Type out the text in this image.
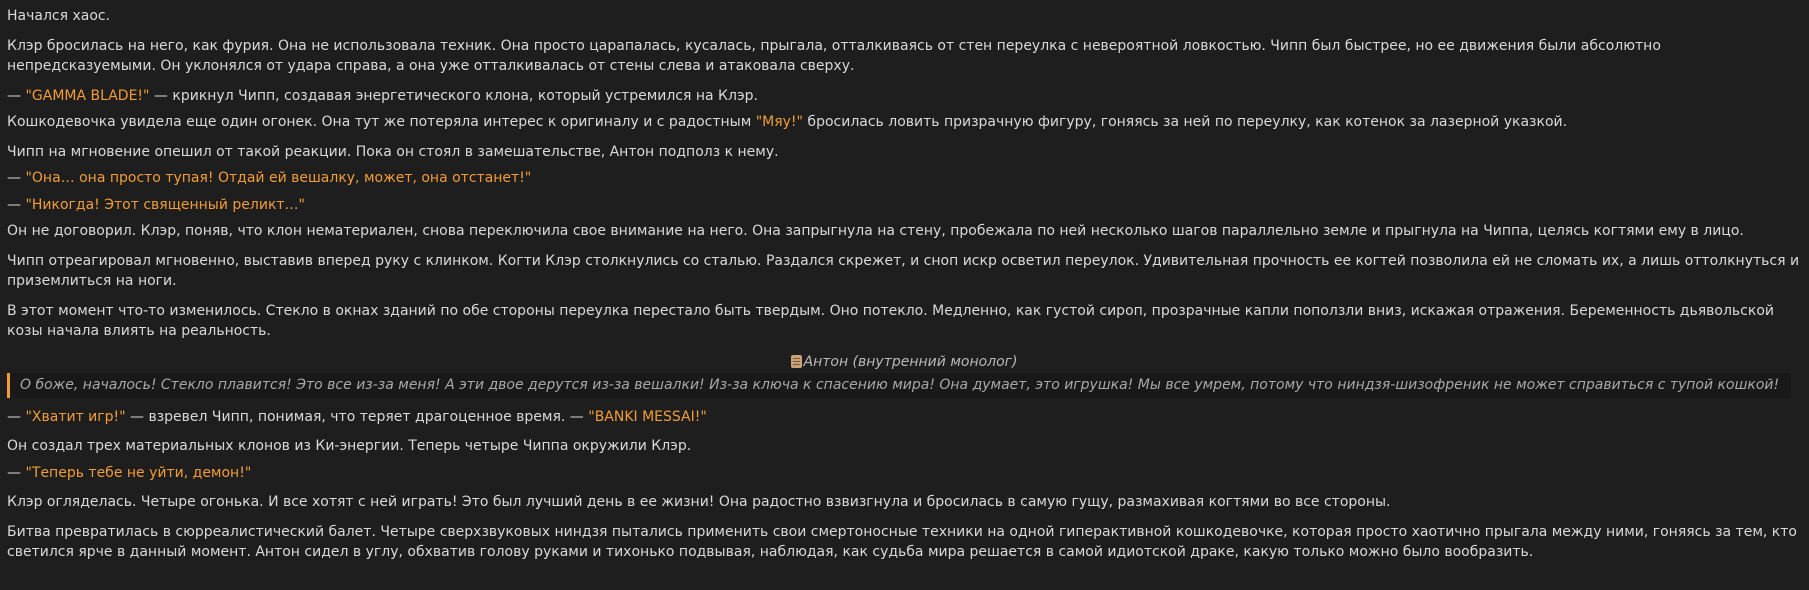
Начался хаос.

Клэр бросилась на него, как фурия. Она не использовала техник. Она просто царапалась, кусалась, прыгала, отталкиваясь от стен переулка с невероятной ловкостью. Чипп был быстрее, но ее движения были абсолютно непредсказуемыми. Он уклонялся от удара справа, а она уже отталкивалась от стены слева и атаковала сверху.

— "GAMMA BLADE!" — крикнул Чипп, создавая энергетического клона, который устремился на Клэр.

Кошкодевочка увидела еще один огонек. Она тут же потеряла интерес к оригиналу и с радостным "Мяу!" бросилась ловить призрачную фигуру, гоняясь за ней по переулку, как котенок за лазерной указкой.

Чипп на мгновение опешил от такой реакции. Пока он стоял в замешательстве, Антон подполз к нему.

— "Она… она просто тупая! Отдай ей вешалку, может, она отстанет!"

— "Никогда! Этот священный реликт…"

Он не договорил. Клэр, поняв, что клон нематериален, снова переключила свое внимание на него. Она запрыгнула на стену, пробежала по ней несколько шагов параллельно земле и прыгнула на Чиппа, целясь когтями ему в лицо.

Чипп отреагировал мгновенно, выставив вперед руку с клинком. Когти Клэр столкнулись со сталью. Раздался скрежет, и сноп искр осветил переулок. Удивительная прочность ее когтей позволила ей не сломать их, а лишь оттолкнуться и приземлиться на ноги.

В этот момент что-то изменилось. Стекло в окнах зданий по обе стороны переулка перестало быть твердым. Оно потекло. Медленно, как густой сироп, прозрачные капли поползли вниз, искажая отражения. Беременность дьявольской козы начала влиять на реальность.

Антон (внутренний монолог)
О боже, началось! Стекло плавится! Это все из-за меня! А эти двое дерутся из-за вешалки! Из-за ключа к спасению мира! Она думает, это игрушка! Мы все умрем, потому что ниндзя-шизофреник не может справиться с тупой кошкой!

— "Хватит игр!" — взревел Чипп, понимая, что теряет драгоценное время. — "BANKI MESSAI!"

Он создал трех материальных клонов из Ки-энергии. Теперь четыре Чиппа окружили Клэр.

— "Теперь тебе не уйти, демон!"

Клэр огляделась. Четыре огонька. И все хотят с ней играть! Это был лучший день в ее жизни! Она радостно взвизгнула и бросилась в самую гущу, размахивая когтями во все стороны.

Битва превратилась в сюрреалистический балет. Четыре сверхзвуковых ниндзя пытались применить свои смертоносные техники на одной гиперактивной кошкодевочке, которая просто хаотично прыгала между ними, гоняясь за тем, кто светился ярче в данный момент. Антон сидел в углу, обхватив голову руками и тихонько подвывая, наблюдая, как судьба мира решается в самой идиотской драке, какую только можно было вообразить.
